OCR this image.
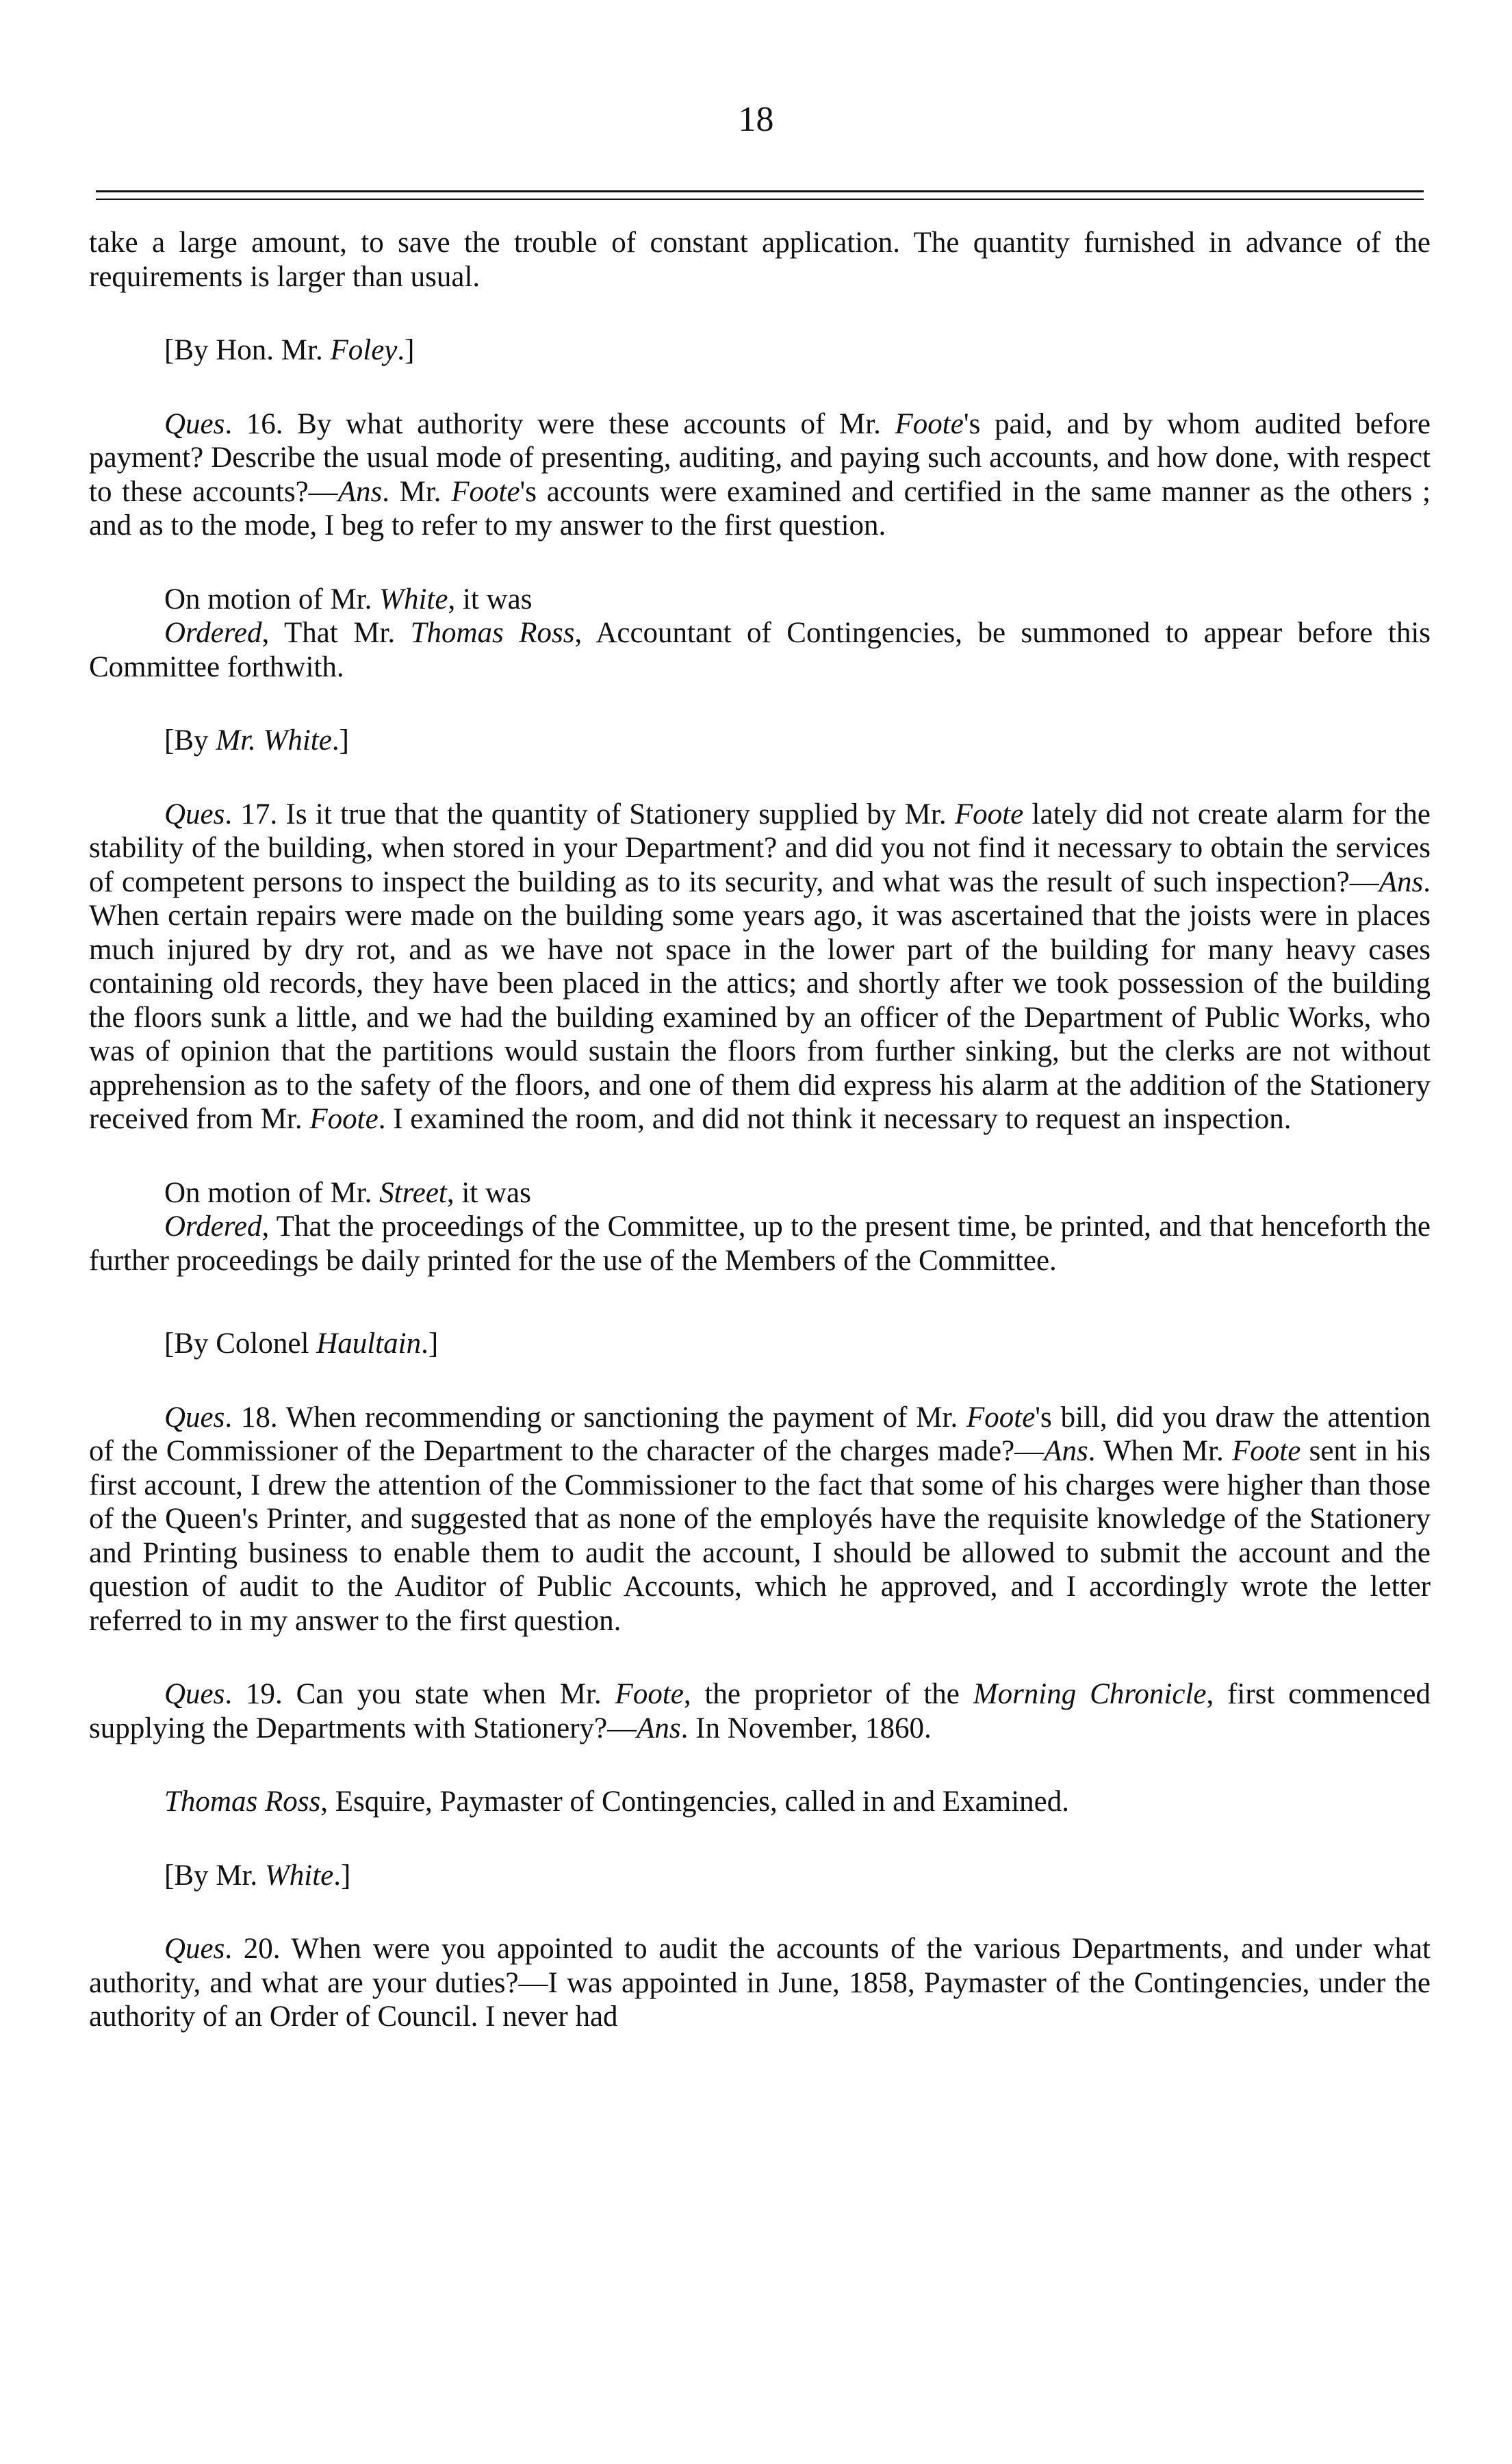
18

take a large amount, to save the trouble of constant application. The quantity furnished in advance of the requirements is larger than usual.

[By Hon. Mr. Foley.]

Ques. 16. By what authority were these accounts of Mr. Foote's paid, and by whom audited before payment? Describe the usual mode of presenting, auditing, and paying such accounts, and how done, with respect to these accounts?—Ans. Mr. Foote's accounts were examined and certified in the same manner as the others ; and as to the mode, I beg to refer to my answer to the first question.

On motion of Mr. White, it was

Ordered, That Mr. Thomas Ross, Accountant of Contingencies, be summoned to appear before this Committee forthwith.

[By Mr. White.]

Ques. 17. Is it true that the quantity of Stationery supplied by Mr. Foote lately did not create alarm for the stability of the building, when stored in your Department? and did you not find it necessary to obtain the services of competent persons to inspect the building as to its security, and what was the result of such inspection?—Ans. When certain repairs were made on the building some years ago, it was ascertained that the joists were in places much injured by dry rot, and as we have not space in the lower part of the building for many heavy cases containing old records, they have been placed in the attics; and shortly after we took possession of the building the floors sunk a little, and we had the building examined by an officer of the Department of Public Works, who was of opinion that the partitions would sustain the floors from further sinking, but the clerks are not without apprehension as to the safety of the floors, and one of them did express his alarm at the addition of the Stationery received from Mr. Foote. I examined the room, and did not think it necessary to request an inspection.

On motion of Mr. Street, it was

Ordered, That the proceedings of the Committee, up to the present time, be printed, and that henceforth the further proceedings be daily printed for the use of the Members of the Committee.

[By Colonel Haultain.]

Ques. 18. When recommending or sanctioning the payment of Mr. Foote's bill, did you draw the attention of the Commissioner of the Department to the character of the charges made?—Ans. When Mr. Foote sent in his first account, I drew the attention of the Commissioner to the fact that some of his charges were higher than those of the Queen's Printer, and suggested that as none of the employés have the requisite knowledge of the Stationery and Printing business to enable them to audit the account, I should be allowed to submit the account and the question of audit to the Auditor of Public Accounts, which he approved, and I accordingly wrote the letter referred to in my answer to the first question.

Ques. 19. Can you state when Mr. Foote, the proprietor of the Morning Chronicle, first commenced supplying the Departments with Stationery?—Ans. In November, 1860.

Thomas Ross, Esquire, Paymaster of Contingencies, called in and Examined.

[By Mr. White.]

Ques. 20. When were you appointed to audit the accounts of the various Departments, and under what authority, and what are your duties?—I was appointed in June, 1858, Paymaster of the Contingencies, under the authority of an Order of Council. I never had
